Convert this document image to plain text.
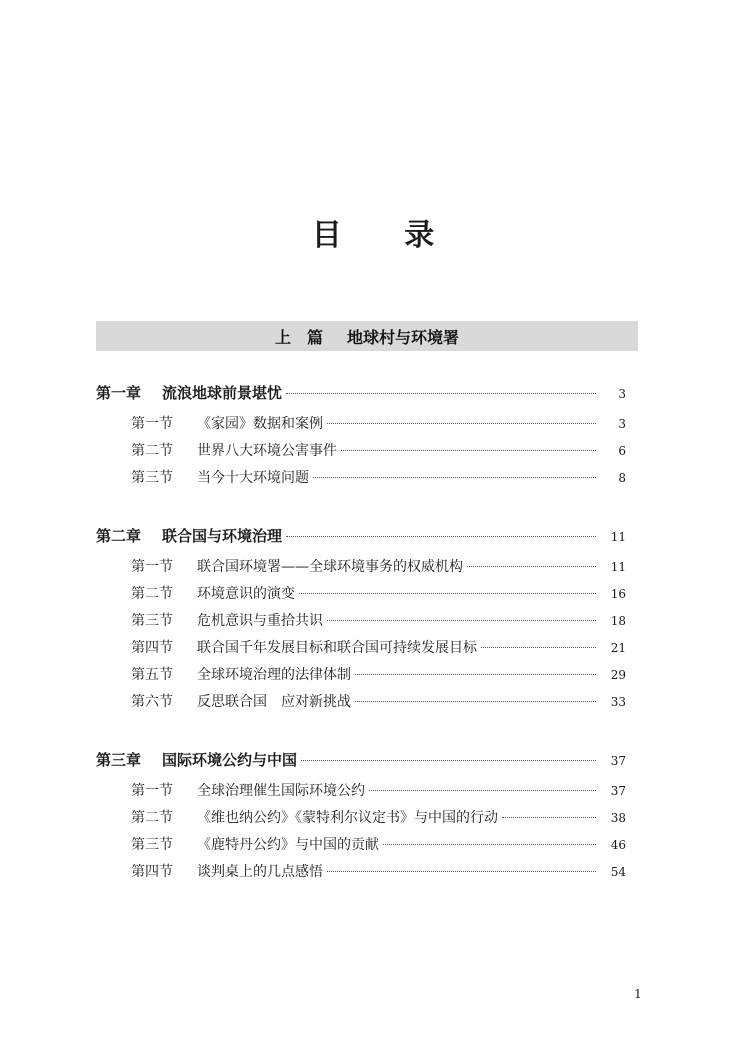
目 录
上　篇 地球村与环境署
第一章	流浪地球前景堪忧	3
第一节	《家园》数据和案例	3
第二节	世界八大环境公害事件	6
第三节	当今十大环境问题	8
第二章	联合国与环境治理	11
第一节	联合国环境署——全球环境事务的权威机构	11
第二节	环境意识的演变	16
第三节	危机意识与重拾共识	18
第四节	联合国千年发展目标和联合国可持续发展目标	21
第五节	全球环境治理的法律体制	29
第六节	反思联合国　应对新挑战	33
第三章	国际环境公约与中国	37
第一节	全球治理催生国际环境公约	37
第二节	《维也纳公约》《蒙特利尔议定书》与中国的行动	38
第三节	《鹿特丹公约》与中国的贡献	46
第四节	谈判桌上的几点感悟	54
1
